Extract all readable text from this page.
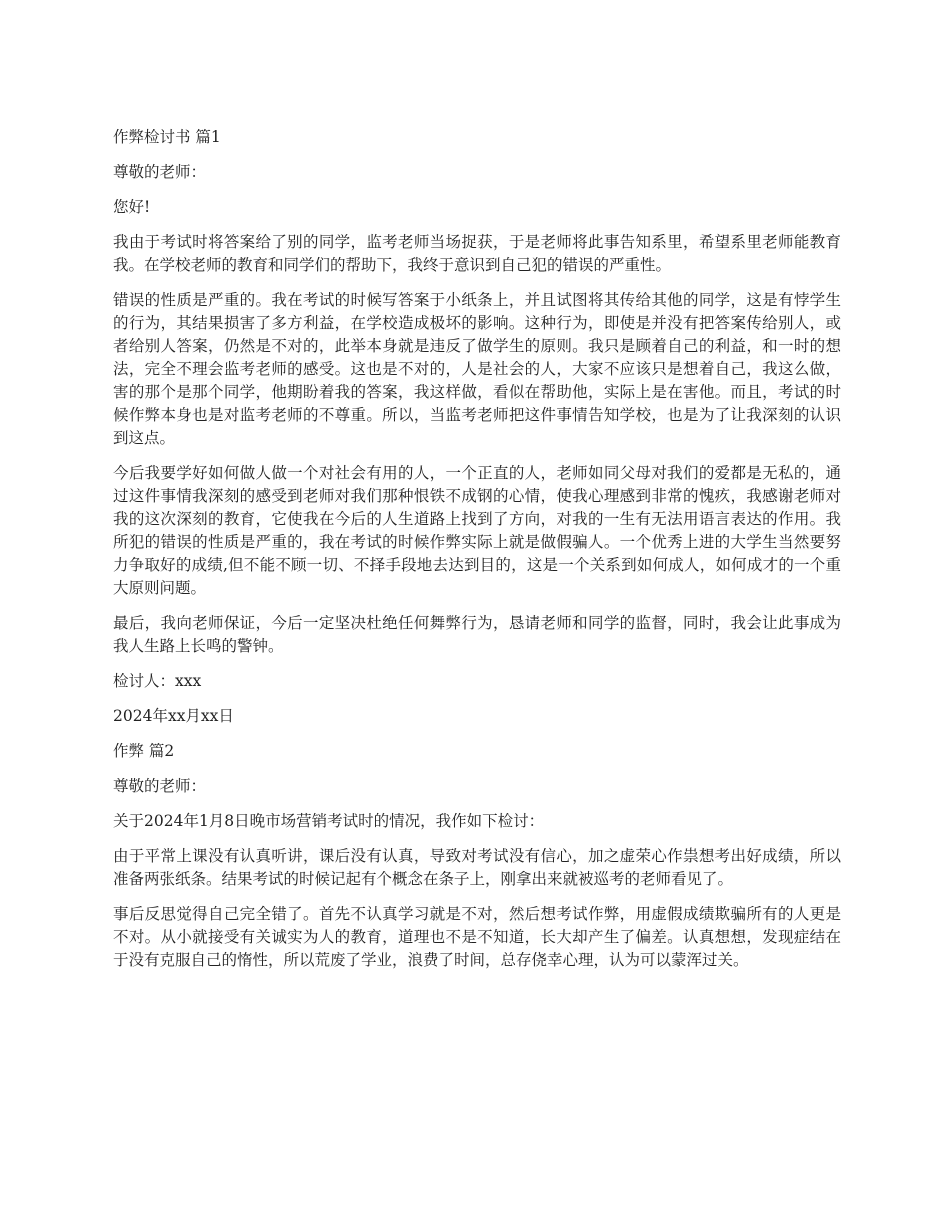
作弊检讨书 篇1

尊敬的老师：

您好!

我由于考试时将答案给了别的同学，监考老师当场捉获，于是老师将此事告知系里，希望系里老师能教育我。在学校老师的教育和同学们的帮助下，我终于意识到自己犯的错误的严重性。

错误的性质是严重的。我在考试的时候写答案于小纸条上，并且试图将其传给其他的同学，这是有悖学生的行为，其结果损害了多方利益，在学校造成极坏的影响。这种行为，即使是并没有把答案传给别人，或者给别人答案，仍然是不对的，此举本身就是违反了做学生的原则。我只是顾着自己的利益，和一时的想法，完全不理会监考老师的感受。这也是不对的，人是社会的人，大家不应该只是想着自己，我这么做，害的那个是那个同学，他期盼着我的答案，我这样做，看似在帮助他，实际上是在害他。而且，考试的时候作弊本身也是对监考老师的不尊重。所以，当监考老师把这件事情告知学校，也是为了让我深刻的认识到这点。

今后我要学好如何做人做一个对社会有用的人，一个正直的人，老师如同父母对我们的爱都是无私的，通过这件事情我深刻的感受到老师对我们那种恨铁不成钢的心情，使我心理感到非常的愧疚，我感谢老师对我的这次深刻的教育，它使我在今后的人生道路上找到了方向，对我的一生有无法用语言表达的作用。我所犯的错误的性质是严重的，我在考试的时候作弊实际上就是做假骗人。一个优秀上进的大学生当然要努力争取好的成绩,但不能不顾一切、不择手段地去达到目的，这是一个关系到如何成人，如何成才的一个重大原则问题。

最后，我向老师保证，今后一定坚决杜绝任何舞弊行为，恳请老师和同学的监督，同时，我会让此事成为我人生路上长鸣的警钟。

检讨人：xxx

2024年xx月xx日

作弊 篇2

尊敬的老师：

关于2024年1月8日晚市场营销考试时的情况，我作如下检讨：

由于平常上课没有认真听讲，课后没有认真，导致对考试没有信心，加之虚荣心作祟想考出好成绩，所以准备两张纸条。结果考试的时候记起有个概念在条子上，刚拿出来就被巡考的老师看见了。

事后反思觉得自己完全错了。首先不认真学习就是不对，然后想考试作弊，用虚假成绩欺骗所有的人更是不对。从小就接受有关诚实为人的教育，道理也不是不知道，长大却产生了偏差。认真想想，发现症结在于没有克服自己的惰性，所以荒废了学业，浪费了时间，总存侥幸心理，认为可以蒙浑过关。
